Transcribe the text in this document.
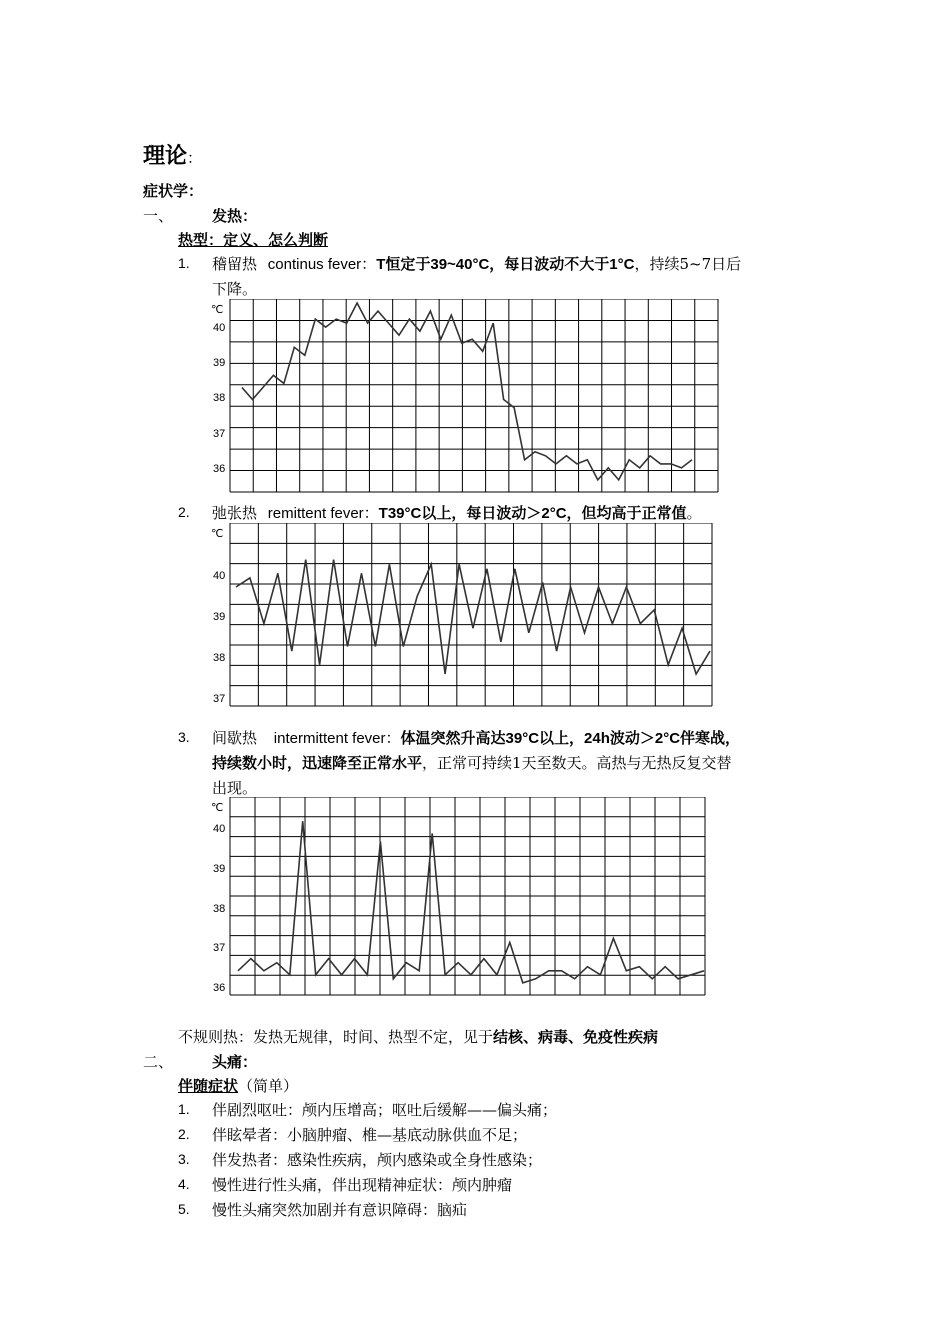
理论：
症状学：
一、	发热：
热型：定义、怎么判断
1. 稽留热 continus fever：T恒定于39~40°C，每日波动不大于1°C，持续5~7日后
下降。
℃
40
39
38
37
36
2. 弛张热 remittent fever：T39°C以上，每日波动＞2°C，但均高于正常值。
℃
40
39
38
37
3. 间歇热 intermittent fever：体温突然升高达39°C以上，24h波动＞2°C伴寒战，
持续数小时，迅速降至正常水平，正常可持续1天至数天。高热与无热反复交替
出现。
℃
40
39
38
37
36
不规则热：发热无规律，时间、热型不定，见于结核、病毒、免疫性疾病
二、	头痛：
伴随症状（简单）
1. 伴剧烈呕吐：颅内压增高；呕吐后缓解——偏头痛；
2. 伴眩晕者：小脑肿瘤、椎—基底动脉供血不足；
3. 伴发热者：感染性疾病，颅内感染或全身性感染；
4. 慢性进行性头痛，伴出现精神症状：颅内肿瘤
5. 慢性头痛突然加剧并有意识障碍：脑疝
